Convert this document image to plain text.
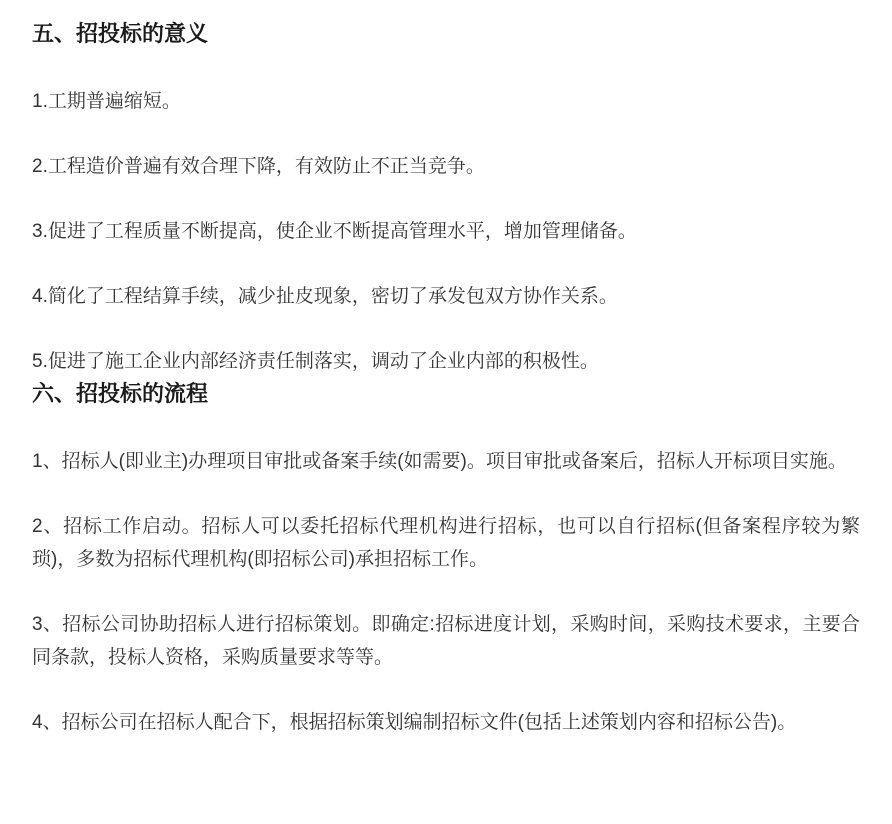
五、招投标的意义

1.工期普遍缩短。

2.工程造价普遍有效合理下降，有效防止不正当竞争。

3.促进了工程质量不断提高，使企业不断提高管理水平，增加管理储备。

4.简化了工程结算手续，减少扯皮现象，密切了承发包双方协作关系。

5.促进了施工企业内部经济责任制落实，调动了企业内部的积极性。

六、招投标的流程

1、招标人(即业主)办理项目审批或备案手续(如需要)。项目审批或备案后，招标人开标项目实施。

2、招标工作启动。招标人可以委托招标代理机构进行招标，也可以自行招标(但备案程序较为繁琐)，多数为招标代理机构(即招标公司)承担招标工作。

3、招标公司协助招标人进行招标策划。即确定:招标进度计划，采购时间，采购技术要求，主要合同条款，投标人资格，采购质量要求等等。

4、招标公司在招标人配合下，根据招标策划编制招标文件(包括上述策划内容和招标公告)。
